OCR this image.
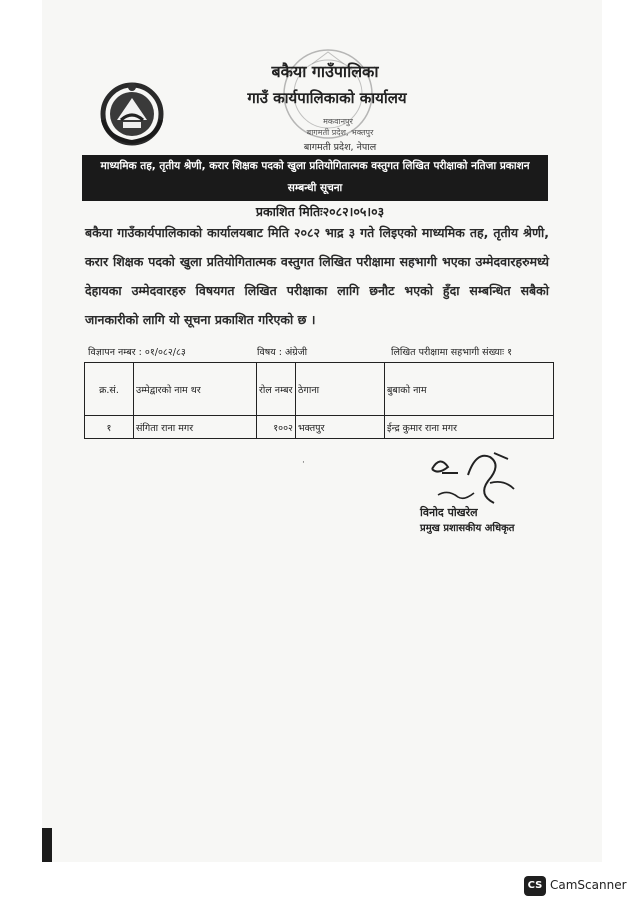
बकैया गाउँपालिका
गाउँ कार्यपालिकाको कार्यालय
मकवानपुर
बागमती प्रदेश, भक्तपुर
बागमती प्रदेश, नेपाल
माध्यमिक तह, तृतीय श्रेणी, करार शिक्षक पदको खुला प्रतियोगितात्मक वस्तुगत लिखित परीक्षाको नतिजा प्रकाशन
सम्बन्धी सूचना
प्रकाशित मितिः२०८२।०५।०३
बकैया गाउँकार्यपालिकाको कार्यालयबाट मिति २०८२ भाद्र ३ गते लिइएको माध्यमिक तह, तृतीय श्रेणी, करार शिक्षक पदको खुला प्रतियोगितात्मक वस्तुगत लिखित परीक्षामा सहभागी भएका उम्मेदवारहरुमध्ये देहायका उम्मेदवारहरु विषयगत लिखित परीक्षाका लागि छनौट भएको हुँदा सम्बन्धित सबैको जानकारीको लागि यो सूचना प्रकाशित गरिएको छ ।
विज्ञापन नम्बर : ०१/०८२/८३	विषय : अंग्रेजी	लिखित परीक्षामा सहभागी संख्याः १
क्र.सं.	उम्मेद्वारको नाम थर	रोल नम्बर	ठेगाना	बुबाको नाम
१	संगिता राना मगर	१००२	भक्तपुर	ईन्द्र कुमार राना मगर
·
विनोद पोखरेल
प्रमुख प्रशासकीय अधिकृत
CS CamScanner
